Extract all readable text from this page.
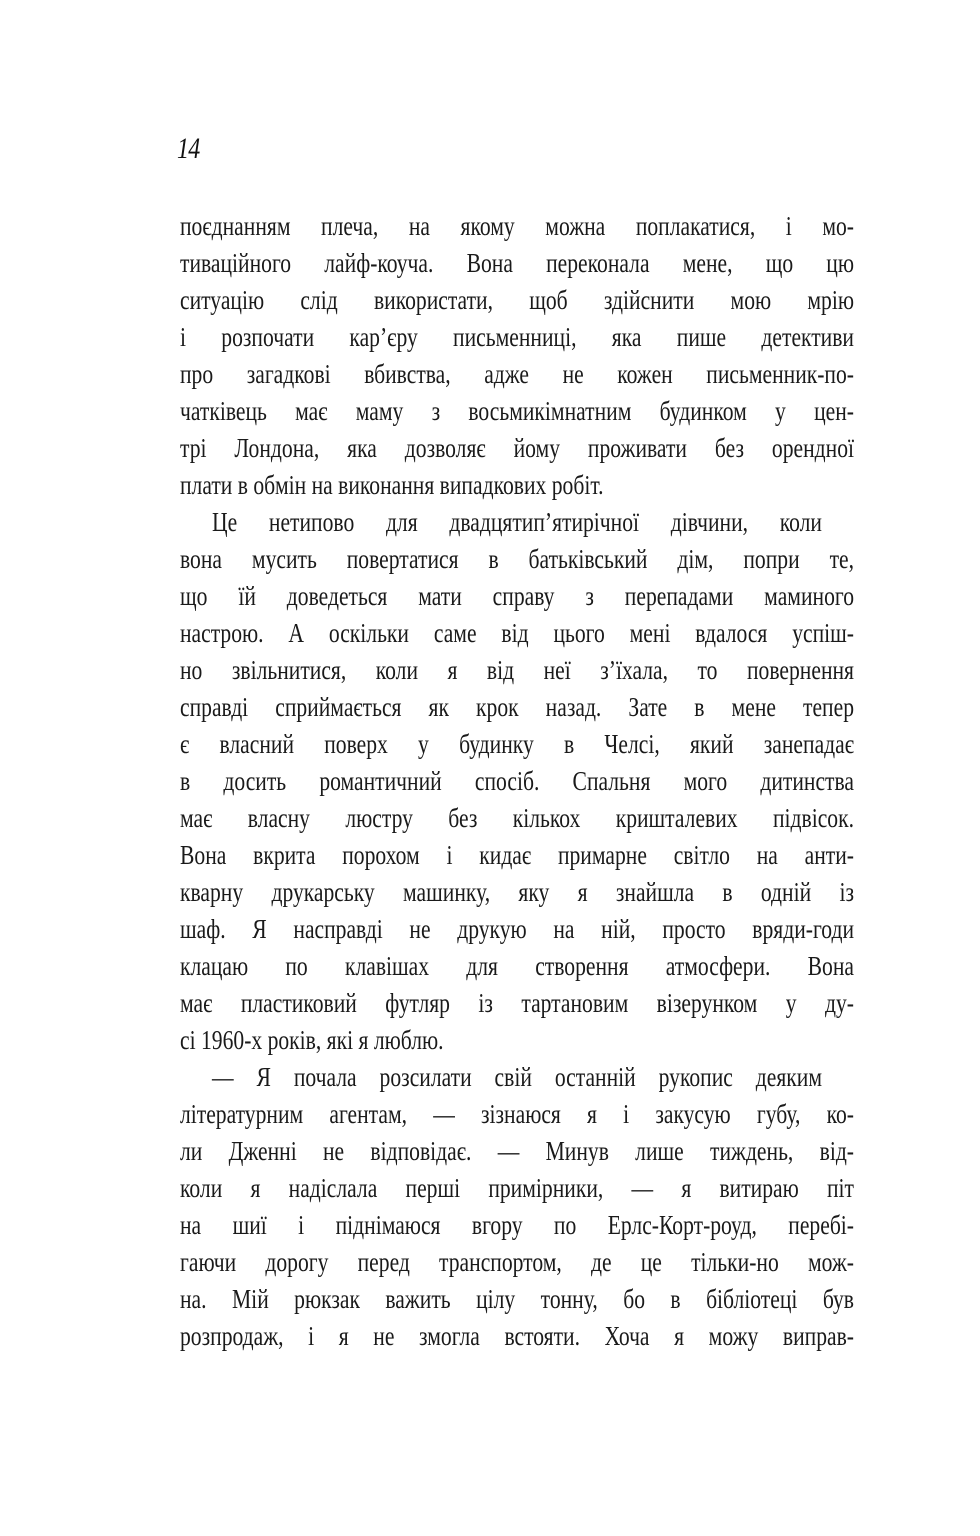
14
поєднанням плеча, на якому можна поплакатися, і мо-
тиваційного лайф-коуча. Вона переконала мене, що цю
ситуацію слід використати, щоб здійснити мою мрію
і розпочати кар’єру письменниці, яка пише детективи
про загадкові вбивства, адже не кожен письменник-по-
чатківець має маму з восьмикімнатним будинком у цен-
трі Лондона, яка дозволяє йому проживати без орендної
плати в обмін на виконання випадкових робіт.
Це нетипово для двадцятип’ятирічної дівчини, коли
вона мусить повертатися в батьківський дім, попри те,
що їй доведеться мати справу з перепадами маминого
настрою. А оскільки саме від цього мені вдалося успіш-
но звільнитися, коли я від неї з’їхала, то повернення
справді сприймається як крок назад. Зате в мене тепер
є власний поверх у будинку в Челсі, який занепадає
в досить романтичний спосіб. Спальня мого дитинства
має власну люстру без кількох кришталевих підвісок.
Вона вкрита порохом і кидає примарне світло на анти-
кварну друкарську машинку, яку я знайшла в одній із
шаф. Я насправді не друкую на ній, просто вряди-годи
клацаю по клавішах для створення атмосфери. Вона
має пластиковий футляр із тартановим візерунком у ду-
сі 1960-х років, які я люблю.
— Я почала розсилати свій останній рукопис деяким
літературним агентам, — зізнаюся я і закусую губу, ко-
ли Дженні не відповідає. — Минув лише тиждень, від-
коли я надіслала перші примірники, — я витираю піт
на шиї і піднімаюся вгору по Ерлс-Корт-роуд, перебі-
гаючи дорогу перед транспортом, де це тільки-но мож-
на. Мій рюкзак важить цілу тонну, бо в бібліотеці був
розпродаж, і я не змогла встояти. Хоча я можу виправ-
